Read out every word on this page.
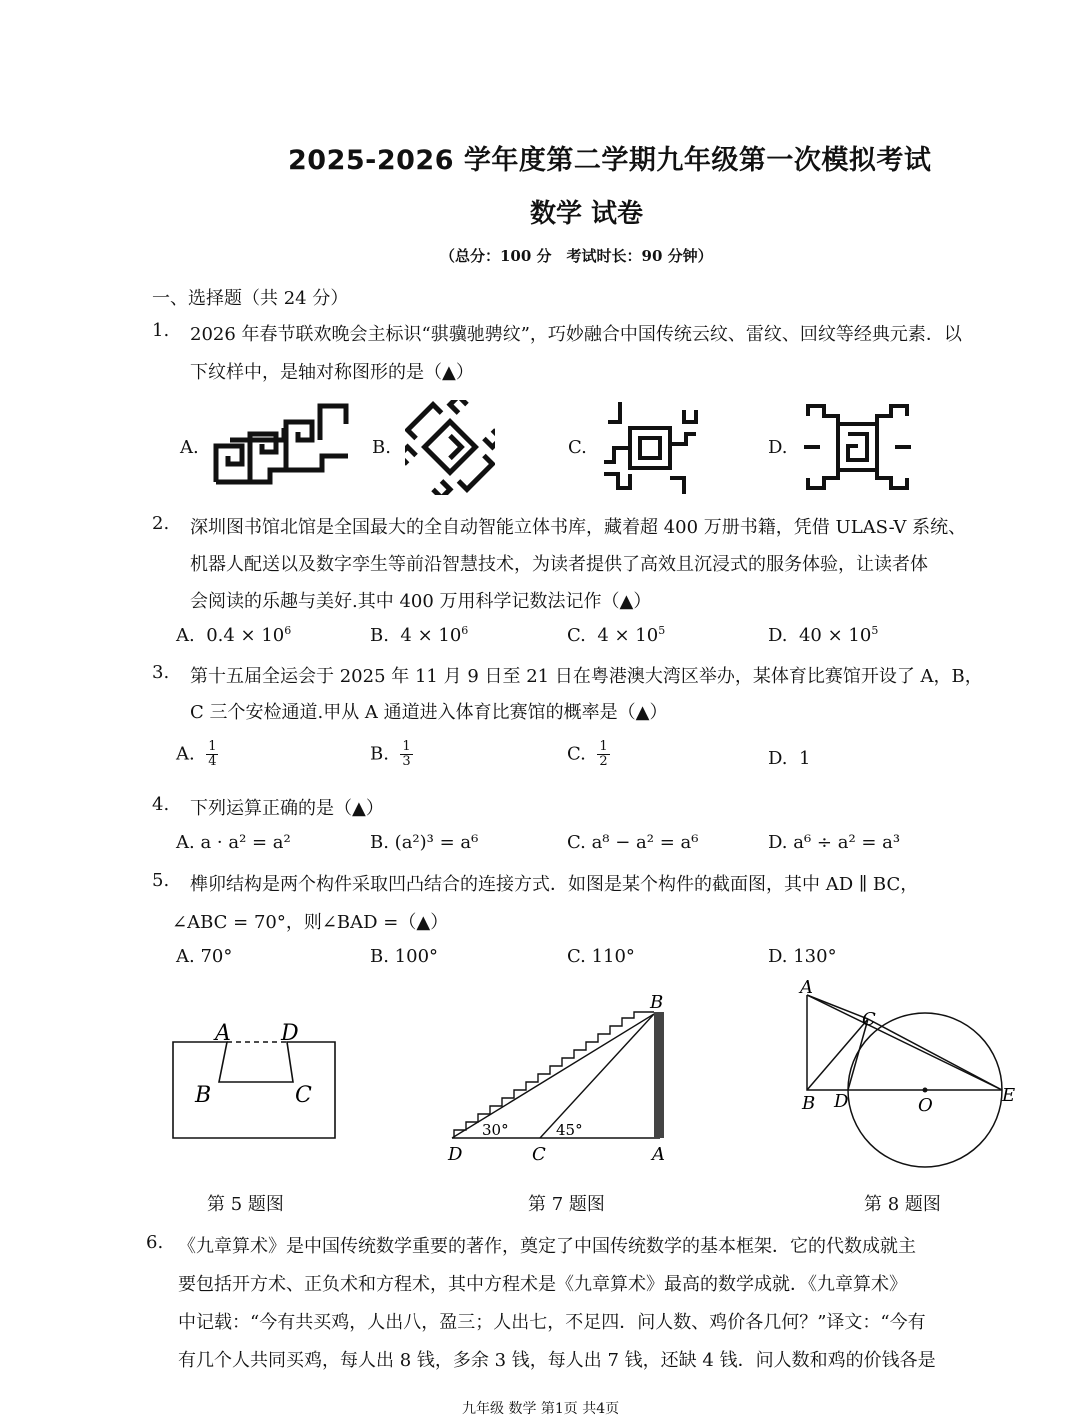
2025-2026 学年度第二学期九年级第一次模拟考试
数学 试卷
（总分：100 分　考试时长：90 分钟）
一、选择题（共 24 分）
1. 2026 年春节联欢晚会主标识“骐骥驰骋纹”，巧妙融合中国传统云纹、雷纹、回纹等经典元素．以
下纹样中，是轴对称图形的是（▲）
A.	B.	C.	D.
2. 深圳图书馆北馆是全国最大的全自动智能立体书库，藏着超 400 万册书籍，凭借 ULAS-V 系统、
机器人配送以及数字孪生等前沿智慧技术，为读者提供了高效且沉浸式的服务体验，让读者体
会阅读的乐趣与美好.其中 400 万用科学记数法记作（▲）
A. $0.4 \times 10^6$	B. $4 \times 10^6$	C. $4 \times 10^5$	D. $40 \times 10^5$
3. 第十五届全运会于 2025 年 11 月 9 日至 21 日在粤港澳大湾区举办，某体育比赛馆开设了 A，B，
C 三个安检通道.甲从 A 通道进入体育比赛馆的概率是（▲）
A. $\frac{1}{4}$	B. $\frac{1}{3}$	C. $\frac{1}{2}$	D. 1
4. 下列运算正确的是（▲）
A. a · a² = a²	B. (a²)³ = a⁶	C. a⁸ − a² = a⁶	D. a⁶ ÷ a² = a³
5. 榫卯结构是两个构件采取凹凸结合的连接方式．如图是某个构件的截面图，其中 AD ∥ BC，
∠ABC = 70°，则∠BAD =（▲）
A. 70°	B. 100°	C. 110°	D. 130°
A D
B	C
第 5 题图
B
D	C	A
30°	45°
第 7 题图
A
C
B D	O	E
第 8 题图
6. 《九章算术》是中国传统数学重要的著作，奠定了中国传统数学的基本框架．它的代数成就主
要包括开方术、正负术和方程术，其中方程术是《九章算术》最高的数学成就．《九章算术》
中记载：“今有共买鸡，人出八，盈三；人出七，不足四．问人数、鸡价各几何？”译文：“今有
有几个人共同买鸡，每人出 8 钱，多余 3 钱，每人出 7 钱，还缺 4 钱．问人数和鸡的价钱各是
九年级 数学 第1页 共4页
